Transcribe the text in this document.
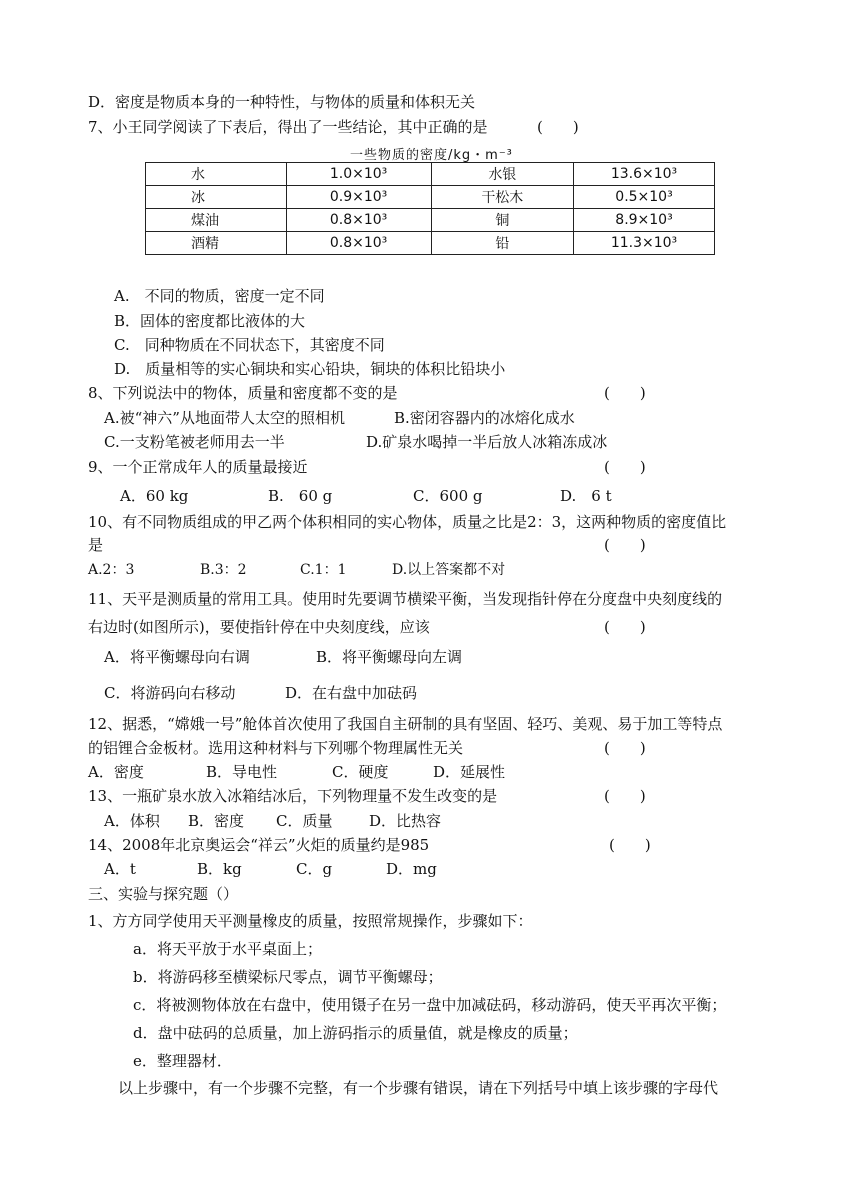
D．密度是物质本身的一种特性，与物体的质量和体积无关
7、小王同学阅读了下表后，得出了一些结论，其中正确的是	(　　)
一些物质的密度/kg・m⁻³
水	1.0×10³	水银	13.6×10³
冰	0.9×10³	干松木	0.5×10³
煤油	0.8×10³	铜	8.9×10³
酒精	0.8×10³	铅	11.3×10³
A.　不同的物质，密度一定不同
B．固体的密度都比液体的大
C.　同种物质在不同状态下，其密度不同
D.　质量相等的实心铜块和实心铅块，铜块的体积比铅块小
8、下列说法中的物体，质量和密度都不变的是	(　　)
A.被“神六”从地面带人太空的照相机	B.密闭容器内的冰熔化成水
C.一支粉笔被老师用去一半	D.矿泉水喝掉一半后放人冰箱冻成冰
9、一个正常成年人的质量最接近	(　　)
A．60 kg	B.　60 g	C．600 g	D.　6 t
10、有不同物质组成的甲乙两个体积相同的实心物体，质量之比是2：3，这两种物质的密度值比
是	(　　)
A.2：3	B.3：2	C.1：1	D.以上答案都不对
11、天平是测质量的常用工具。使用时先要调节横梁平衡，当发现指针停在分度盘中央刻度线的
右边时(如图所示)，要使指针停在中央刻度线，应该	(　　)
A．将平衡螺母向右调	B．将平衡螺母向左调
C．将游码向右移动	D．在右盘中加砝码
12、据悉，“嫦娥一号”舱体首次使用了我国自主研制的具有坚固、轻巧、美观、易于加工等特点
的铝锂合金板材。选用这种材料与下列哪个物理属性无关	(　　)
A．密度	B．导电性	C．硬度	D．延展性
13、一瓶矿泉水放入冰箱结冰后，下列物理量不发生改变的是	(　　)
A．体积 B．密度 C．质量 D．比热容
14、2008年北京奥运会“祥云”火炬的质量约是985	(　　)
A．t	B．kg	C．g	D．mg
三、实验与探究题（）
1、方方同学使用天平测量橡皮的质量，按照常规操作，步骤如下：
a．将天平放于水平桌面上；
b．将游码移至横梁标尺零点，调节平衡螺母；
c．将被测物体放在右盘中，使用镊子在另一盘中加减砝码，移动游码，使天平再次平衡；
d．盘中砝码的总质量，加上游码指示的质量值，就是橡皮的质量；
e．整理器材．
以上步骤中，有一个步骤不完整，有一个步骤有错误，请在下列括号中填上该步骤的字母代
